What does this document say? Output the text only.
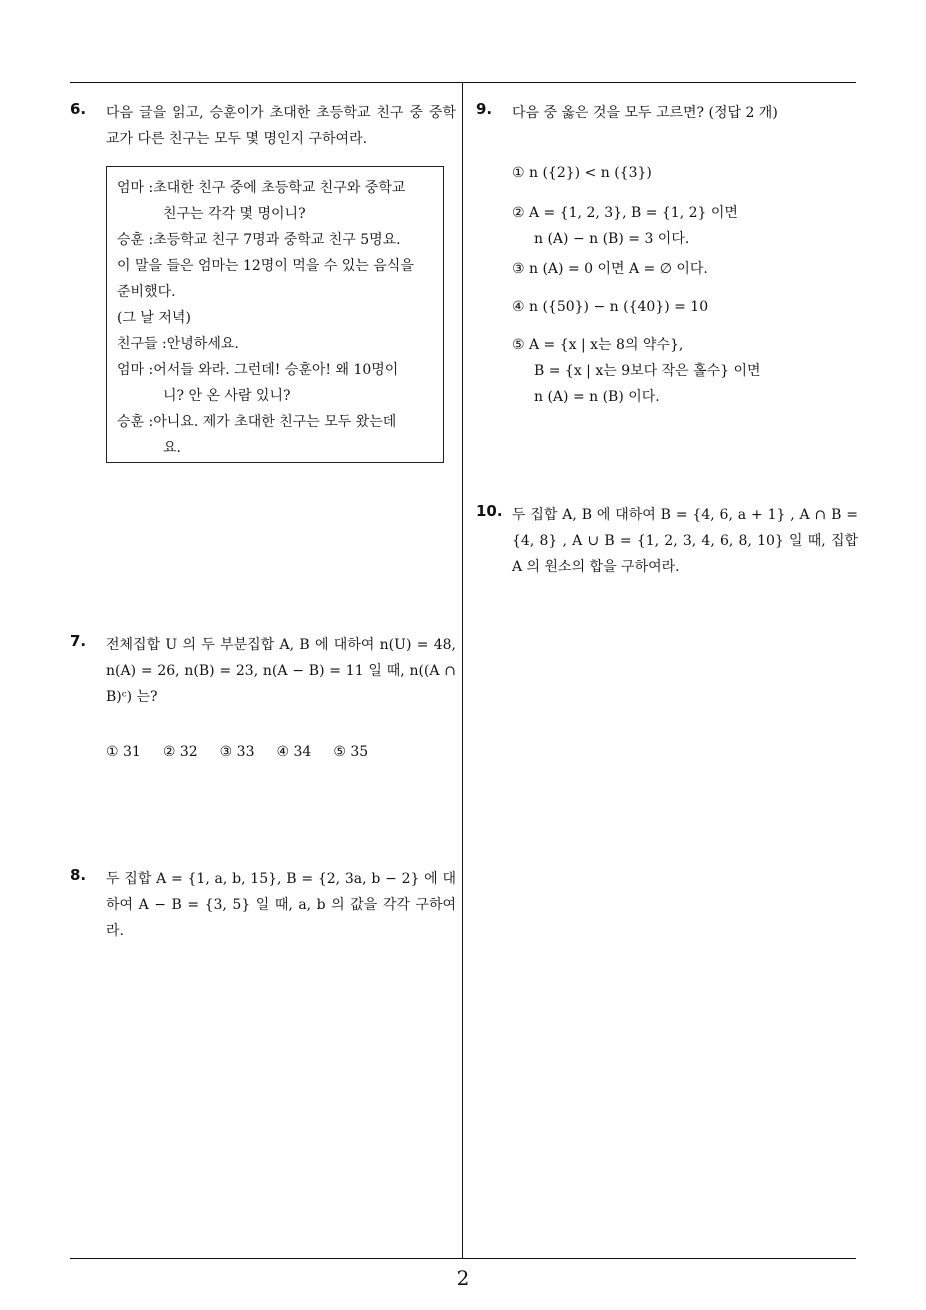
6. 다음 글을 읽고, 승훈이가 초대한 초등학교 친구 중 중학교가 다른 친구는 모두 몇 명인지 구하여라.
엄마 :초대한 친구 중에 초등학교 친구와 중학교
친구는 각각 몇 명이니?
승훈 :초등학교 친구 7명과 중학교 친구 5명요.
이 말을 들은 엄마는 12명이 먹을 수 있는 음식을
준비했다.
(그 날 저녁)
친구들 :안녕하세요.
엄마 :어서들 와라. 그런데! 승훈아! 왜 10명이
니? 안 온 사람 있니?
승훈 :아니요. 제가 초대한 친구는 모두 왔는데
요.
7. 전체집합 U 의 두 부분집합 A, B 에 대하여 n(U) = 48, n(A) = 26, n(B) = 23, n(A − B) = 11 일 때, n((A ∩ B)ᶜ) 는?
① 31 ② 32 ③ 33 ④ 34 ⑤ 35
8. 두 집합 A = {1, a, b, 15}, B = {2, 3a, b − 2} 에 대하여 A − B = {3, 5} 일 때, a, b 의 값을 각각 구하여라.
9. 다음 중 옳은 것을 모두 고르면? (정답 2 개)
① n ({2}) < n ({3})
② A = {1, 2, 3}, B = {1, 2} 이면
n (A) − n (B) = 3 이다.
③ n (A) = 0 이면 A = ∅ 이다.
④ n ({50}) − n ({40}) = 10
⑤ A = {x | x는 8의 약수},
B = {x | x는 9보다 작은 홀수} 이면
n (A) = n (B) 이다.
10. 두 집합 A, B 에 대하여 B = {4, 6, a + 1} , A ∩ B = {4, 8} , A ∪ B = {1, 2, 3, 4, 6, 8, 10} 일 때, 집합 A 의 원소의 합을 구하여라.
2
